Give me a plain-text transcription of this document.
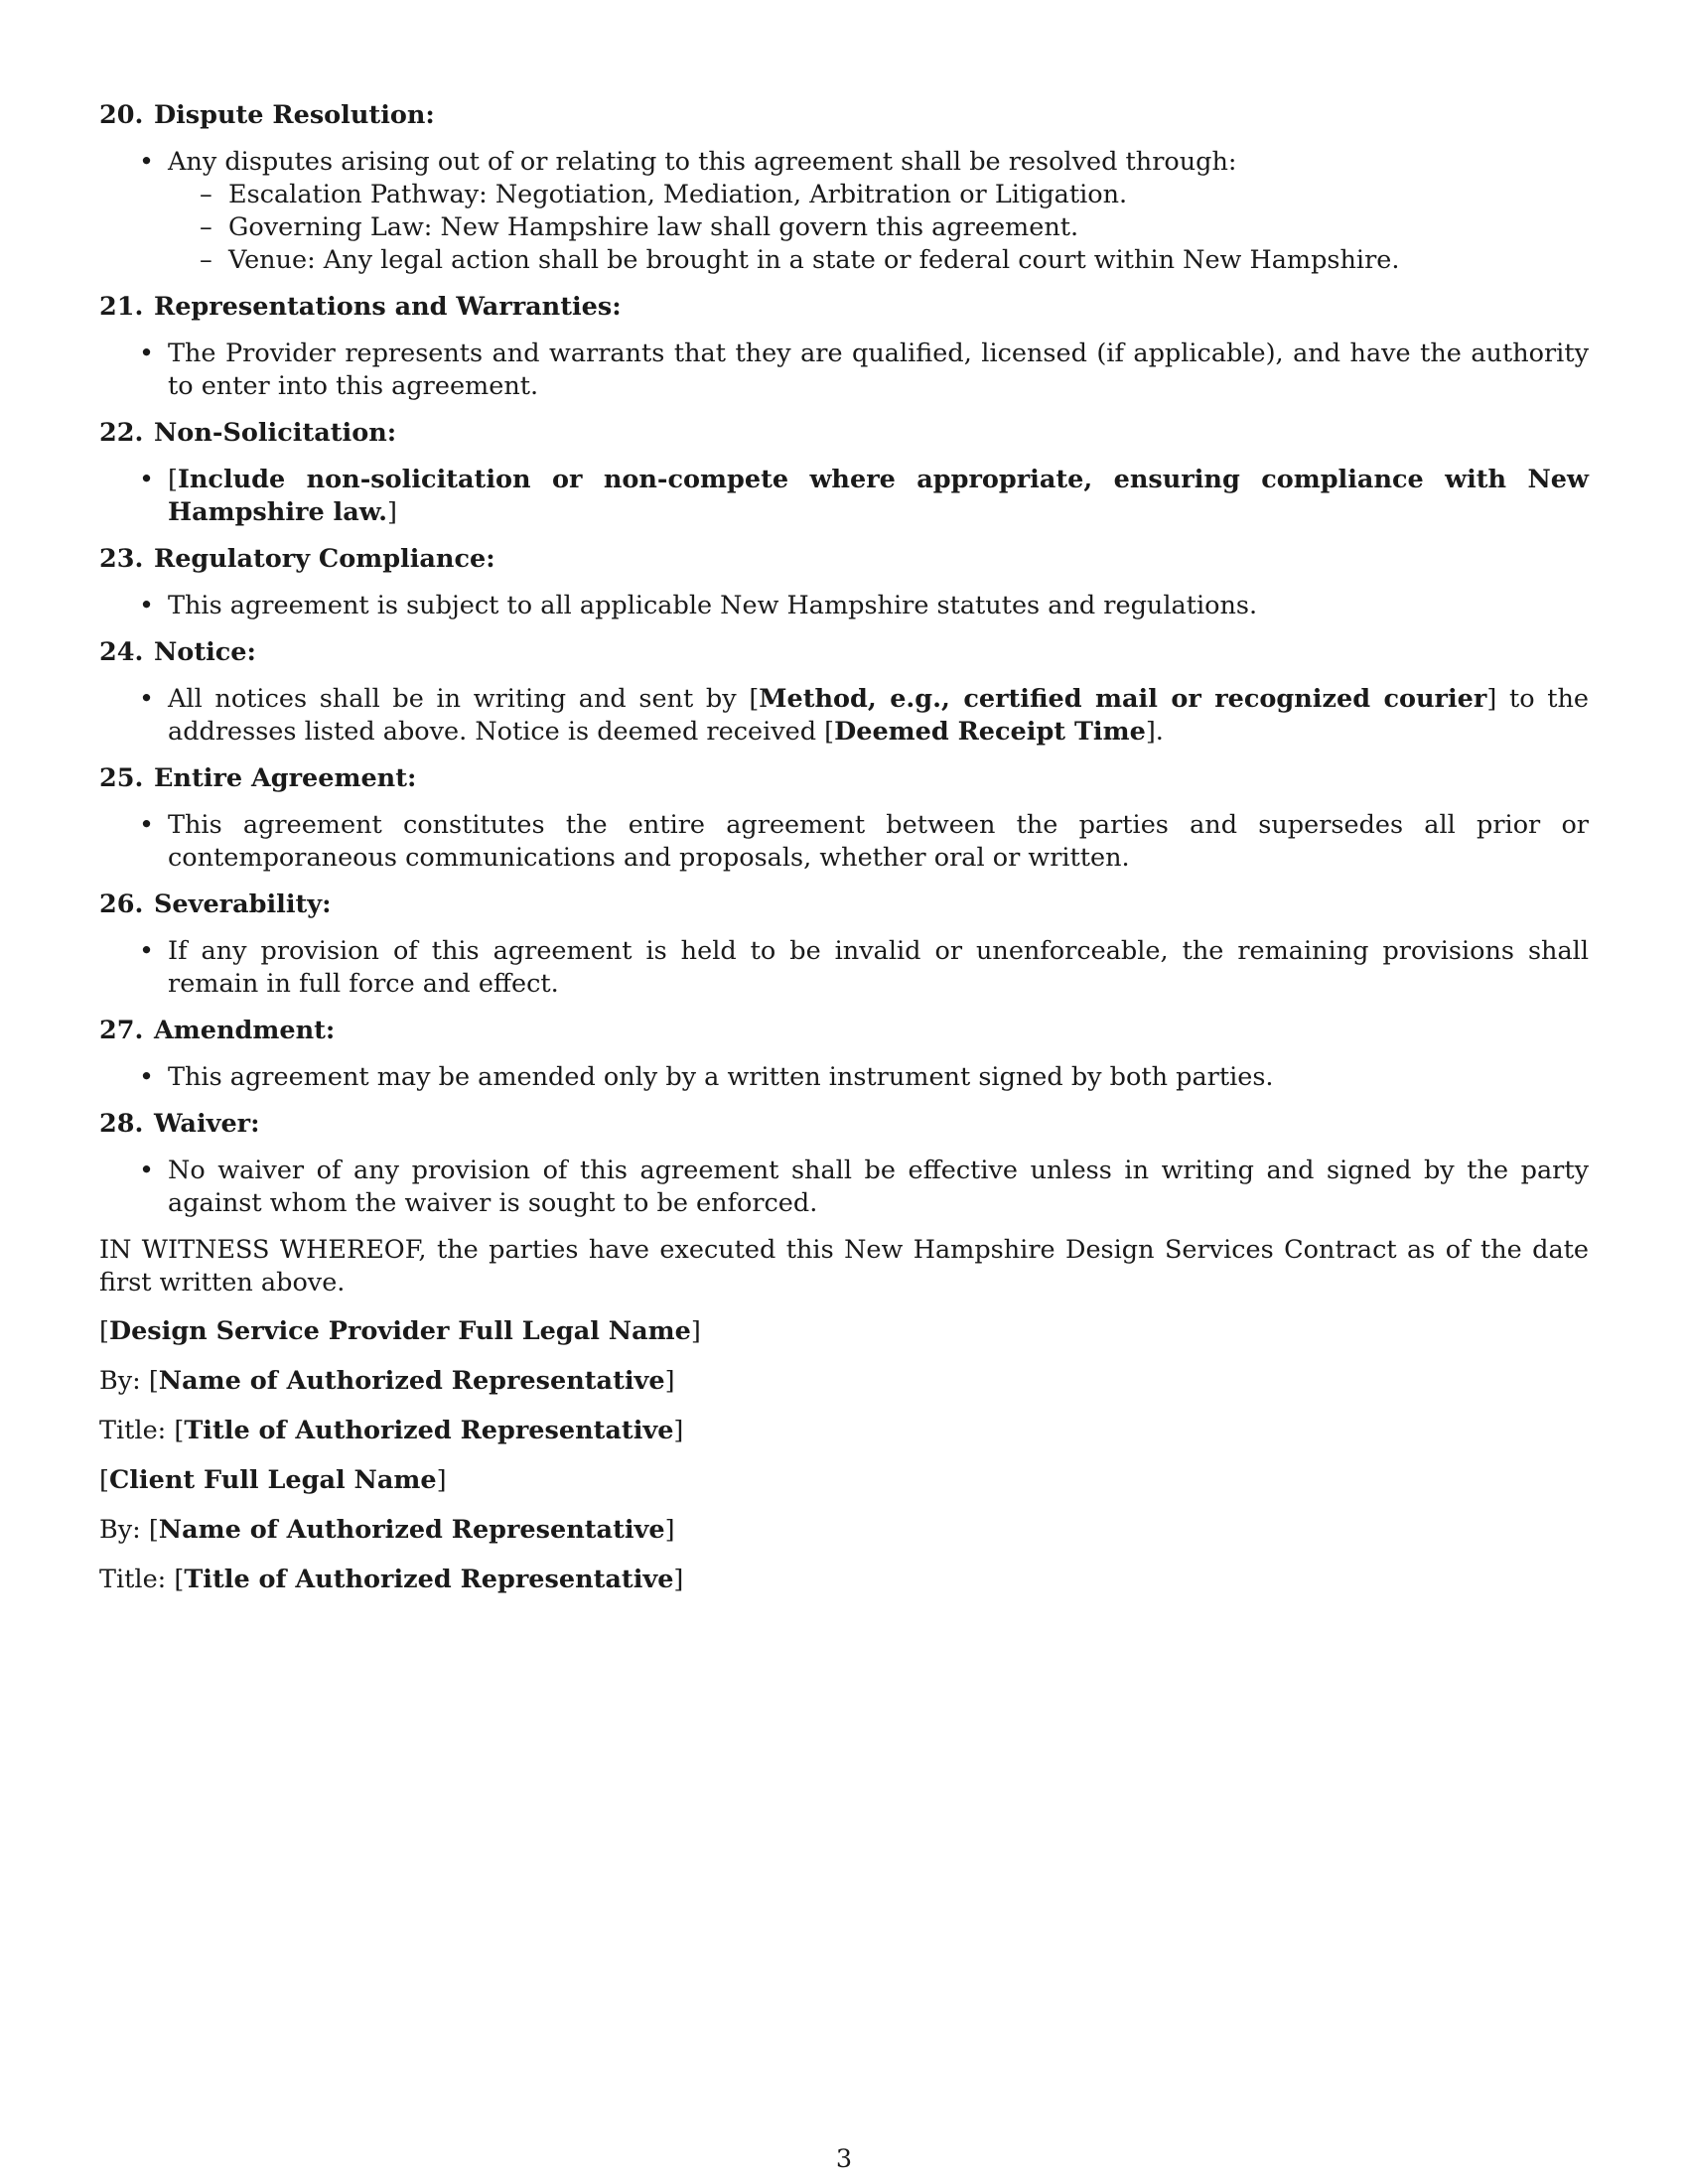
20. Dispute Resolution:
• Any disputes arising out of or relating to this agreement shall be resolved through:
– Escalation Pathway: Negotiation, Mediation, Arbitration or Litigation.
– Governing Law: New Hampshire law shall govern this agreement.
– Venue: Any legal action shall be brought in a state or federal court within New Hampshire.
21. Representations and Warranties:
• The Provider represents and warrants that they are qualified, licensed (if applicable), and have the authority to enter into this agreement.
22. Non-Solicitation:
• [Include non-solicitation or non-compete where appropriate, ensuring compliance with New Hampshire law.]
23. Regulatory Compliance:
• This agreement is subject to all applicable New Hampshire statutes and regulations.
24. Notice:
• All notices shall be in writing and sent by [Method, e.g., certified mail or recognized courier] to the addresses listed above. Notice is deemed received [Deemed Receipt Time].
25. Entire Agreement:
• This agreement constitutes the entire agreement between the parties and supersedes all prior or contemporaneous communications and proposals, whether oral or written.
26. Severability:
• If any provision of this agreement is held to be invalid or unenforceable, the remaining provisions shall remain in full force and effect.
27. Amendment:
• This agreement may be amended only by a written instrument signed by both parties.
28. Waiver:
• No waiver of any provision of this agreement shall be effective unless in writing and signed by the party against whom the waiver is sought to be enforced.

IN WITNESS WHEREOF, the parties have executed this New Hampshire Design Services Contract as of the date first written above.

[Design Service Provider Full Legal Name]
By: [Name of Authorized Representative]
Title: [Title of Authorized Representative]
[Client Full Legal Name]
By: [Name of Authorized Representative]
Title: [Title of Authorized Representative]
3
